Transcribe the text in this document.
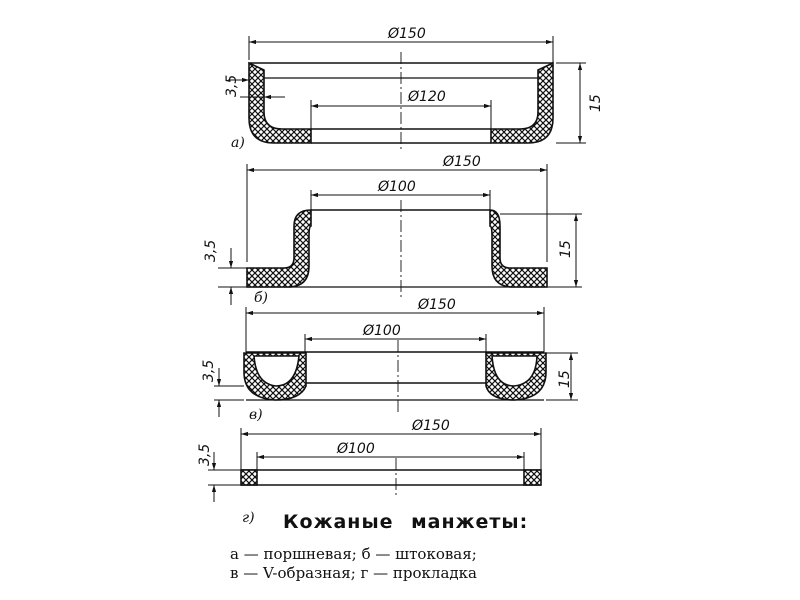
Ø150
Ø120
3,5
15
а)
Ø150
Ø100
3,5	15
б)	Ø150
Ø100
3,5	15
в)
Ø150
Ø100
3,5
г) Кожаные манжеты:
а — поршневая; б — штоковая;
в — V-образная; г — прокладка
